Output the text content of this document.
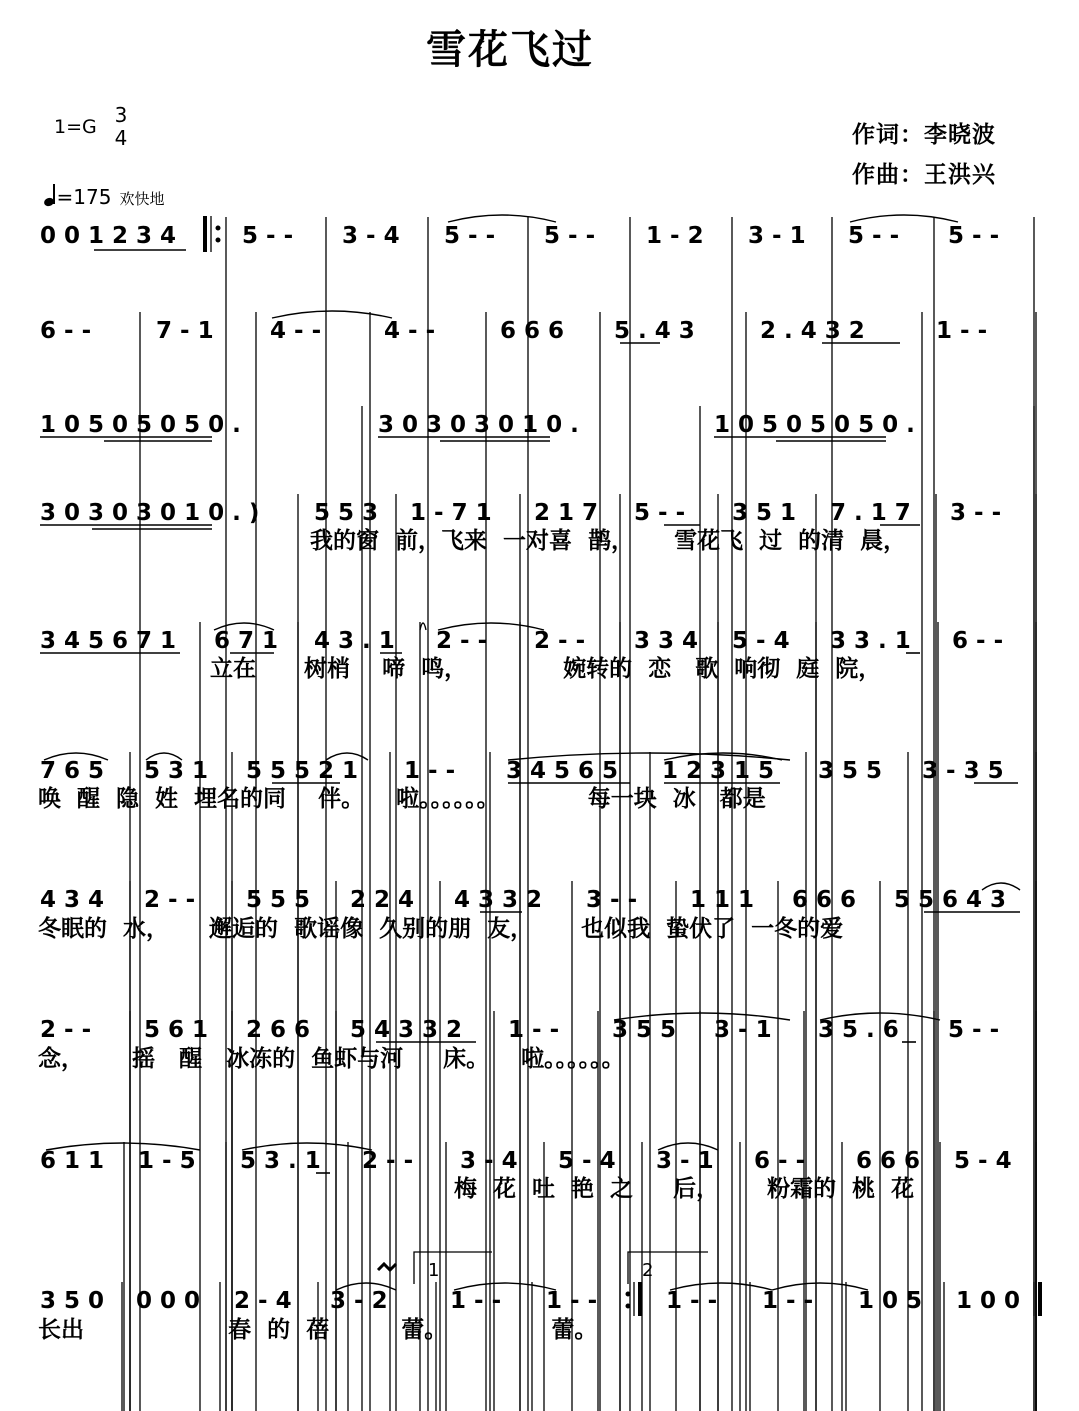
雪花飞过
1=G 3
4	作词：李晓波
作曲：王洪兴
=175 欢快地
0 0 1 2 3 4	5 - - 3 - 4 5 - - 5 - - 1 - 2 3 - 1 5 - - 5 - -
6 - -	7 - 1 4 - -	4 - -	6 6 6 5 . 4 3	2 . 4 3 2	1 - -
1 0 5 0 5 0 5 0 .	3 0 3 0 3 0 1 0 .	1 0 5 0 5 0 5 0 .
3 0 3 0 3 0 1 0 . ) 5 5 3 1 - 7 1 2 1 7 5 - - 3 5 1 7 . 1 7 3 - -
3 4 5 6 7 1 6 7 1 4 3 . 1 2 - - 2 - - 3 3 4 5 - 4 3 3 . 1 6 - -
7 6 5 5 3 1 5 5 5 2 1 1 - - 3 4 5 6 5 1 2 3 1 5 3 5 5 3 - 3 5
4 3 4 2 - - 5 5 5 2 2 4 4 3 3 2 3 - - 1 1 1 6 6 6 5 5 6 4 3
2 - - 5 6 1 2 6 6 5 4 3 3 2 1 - - 3 5 5 3 - 1 3 5 . 6 5 - -
6 1 1 1 - 5 5 3 . 1 2 - - 3 - 4 5 - 4 3 - 1 6 - - 6 6 6 5 - 4
3 5 0 0 0 0 2 - 4 3 - 2	1 - - 1 - -	1 - - 1 - - 1 0 5 1 0 0
1	2
我的窗  前，飞来  一对喜  鹊，     雪花飞  过  的清  晨，
立在      树梢    啼  鸣，            婉转的  恋   歌  响彻  庭  院，
唤  醒  隐  姓  埋名的同    伴。    啦。。。。。。           每一块  冰   都是
冬眠的  水，     邂逅的  歌谣像  久别的朋  友，      也似我  蛰伏了  一冬的爱
念，      摇   醒   冰冻的  鱼虾与河     床。    啦。。。。。。
梅  花  吐  艳  之     后，      粉霜的  桃  花
长出                  春  的  蓓         蕾。             蕾。
